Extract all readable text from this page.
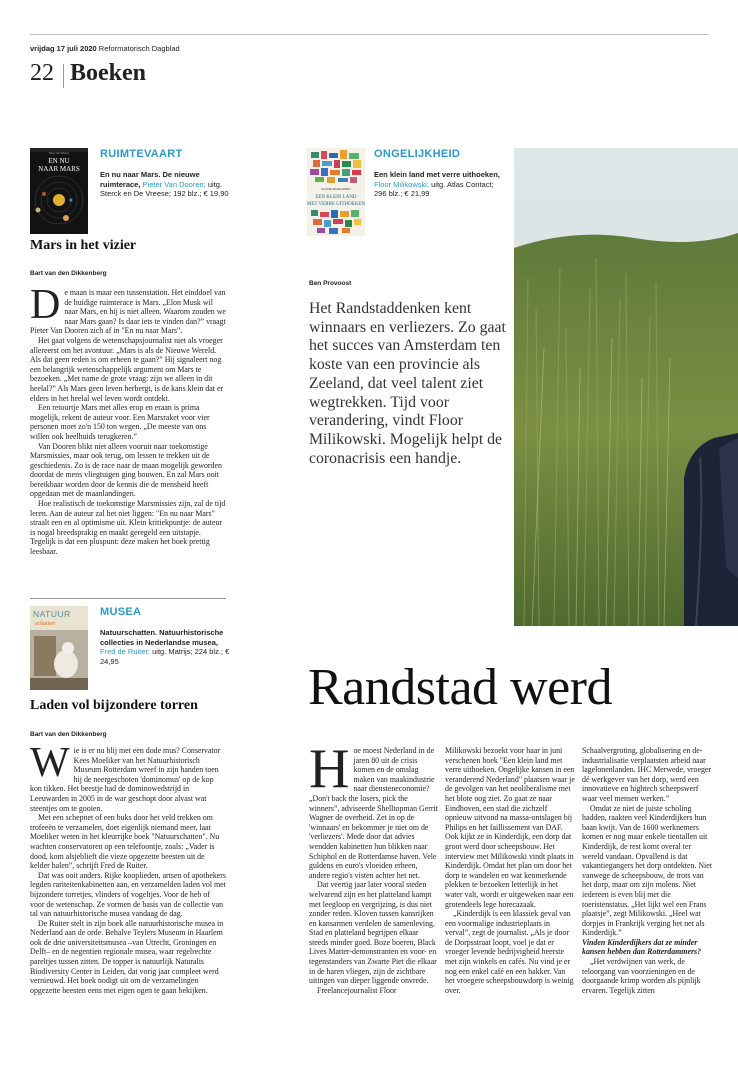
vrijdag 17 juli 2020 Reformatorisch Dagblad
22 Boeken
Pieter Van Dooren
EN NU
NAAR MARS
RUIMTEVAART
En nu naar Mars. De nieuwe ruimterace, Pieter Van Dooren; uitg. Sterck en De Vreese; 192 blz.; € 19,90
Mars in het vizier
Bart van den Dikkenberg

De maan is maar een tussenstation. Het einddoel van de huidige ruimterace is Mars. „Elon Musk wil naar Mars, en hij is niet alleen. Waarom zouden we naar Mars gaan? Is daar iets te vinden dan?” vraagt Pieter Van Dooren zich af in "En nu naar Mars".

Het gaat volgens de wetenschapsjournalist niet als vroeger allereerst om het avontuur. „Mars is als de Nieuwe Wereld. Als dat geen reden is om erheen te gaan?” Hij signaleert nog een belangrijk wetenschappelijk argument om Mars te bezoeken. „Met name de grote vraag: zijn we alleen in dit heelal?” Als Mars geen leven herbergt, is de kans klein dat er elders in het heelal wel leven wordt ontdekt.

Een retourtje Mars met alles erop en eraan is prima mogelijk, rekent de auteur voor. Een Marsraket voor vier personen moet zo'n 150 ton wegen. „De meeste van ons willen ook heelhuids terugkeren.”

Van Dooren blikt niet alleen vooruit naar toekomstige Marsmissies, maar ook terug, om lessen te trekken uit de geschiedenis. Zo is de race naar de maan mogelijk geworden doordat de mens vliegtuigen ging bouwen. En zal Mars ooit bereikbaar worden door de kennis die de mensheid heeft opgedaan met de maanlandingen.

Hoe realistisch de toekomstige Marsmissies zijn, zal de tijd leren. Aan de auteur zal het niet liggen: "En nu naar Mars" straalt een en al optimisme uit. Klein kritiekpuntje: de auteur is nogal breedsprakig en maakt geregeld een uitstapje. Tegelijk is dat een pluspunt: deze maken het boek prettig leesbaar.

NATUUR
schatten
MUSEA
Natuurschatten. Natuurhistorische collecties in Nederlandse musea, Fred de Ruiter; uitg. Matrijs; 224 blz.; € 24,95
Laden vol bijzondere torren
Bart van den Dikkenberg

Wie is er nu blij met een dode mus? Conservator Kees Moeliker van het Natuurhistorisch Museum Rotterdam wreef in zijn handen toen hij de neergeschoten 'dominomus' op de kop kon tikken. Het beestje had de dominowedstrijd in Leeuwarden in 2005 in de war geschopt door alvast wat steentjes om te gooien.

Met een schepnet of een buks door het veld trekken om trofeeën te verzamelen, doet eigenlijk niemand meer, laat Moeliker weten in het kleurrijke boek "Natuurschatten". Nu wachten conservatoren op een telefoontje, zoals: „Vader is dood, kom alsjeblieft die vieze opgezette beesten uit de kelder halen”, schrijft Fred de Ruiter.

Dat was ooit anders. Rijke kooplieden, artsen of apothekers legden rariteitenkabinetten aan, en verzamelden laden vol met bijzondere torretjes, vlinders of vogeltjes. Voor de heb of voor de wetenschap. Ze vormen de basis van de collectie van tal van natuurhistorische musea vandaag de dag.

De Ruiter stelt in zijn boek alle natuurhistorische musea in Nederland aan de orde. Behalve Teylers Museum in Haarlem ook de drie universiteitsmusea –van Utrecht, Groningen en Delft– en de negentien regionale musea, waar regelrechte pareltjes tussen zitten. De topper is natuurlijk Naturalis Biodiversity Center in Leiden, dat vorig jaar compleet werd vernieuwd. Het boek nodigt uit om de verzamelingen opgezette beesten eens met eigen ogen te gaan bekijken.

FLOOR MILIKOWSKI
EEN KLEIN LAND
MET VERRE UITHOEKEN
ONGELIJKHEID
Een klein land met verre uithoeken, Floor Milikowski; uitg. Atlas Contact; 296 blz.; € 21,99
Ben Provoost
Het Randstaddenken kent winnaars en verliezers. Zo gaat het succes van Amsterdam ten koste van een provincie als Zeeland, dat veel talent ziet wegtrekken. Tijd voor verandering, vindt Floor Milikowski. Mogelijk helpt de coronacrisis een handje.
Randstad werd

Hoe moest Nederland in de jaren 80 uit de crisis komen en de omslag maken van maakindustrie naar diensteneconomie? „Don't back the losers, pick the winners”, adviseerde Shelltopman Gerrit Wagner de overheid. Zet in op de 'winnaars' en bekommer je niet om de 'verliezers'. Mede door dat advies wendden kabinetten hun blikken naar Schiphol en de Rotterdamse haven. Vele guldens en euro's vloeiden erheen, andere regio's visten achter het net.

Dat veertig jaar later vooral steden welvarend zijn en het platteland kampt met leegloop en vergrijzing, is dus niet zonder reden. Kloven tussen kansrijken en kansarmen verdelen de samenleving. Stad en platteland begrijpen elkaar steeds minder goed. Boze boeren, Black Lives Matter-demonstranten en voor- en tegenstanders van Zwarte Piet die elkaar in de haren vliegen, zijn de zichtbare uitingen van dieper liggende onvrede.

Freelancejournalist Floor

Milikowski bezoekt voor haar in juni verschenen boek "Een klein land met verre uithoeken. Ongelijke kansen in een veranderend Nederland" plaatsen waar je de gevolgen van het neoliberalisme met het blote oog ziet. Zo gaat ze naar Eindhoven, een stad die zichzelf opnieuw uitvond na massa-ontslagen bij Philips en het faillissement van DAF. Ook kijkt ze in Kinderdijk, een dorp dat groot werd door scheepsbouw. Het interview met Milikowski vindt plaats in Kinderdijk. Omdat het plan om door het dorp te wandelen en wat kenmerkende plekken te bezoeken letterlijk in het water valt, wordt er uitgeweken naar een grotendeels lege horecazaak.

„Kinderdijk is een klassiek geval van een voormalige industrieplaats in verval”, zegt de journalist. „Als je door de Dorpsstraat loopt, voel je dat er vroeger levende bedrijvigheid heerste met zijn winkels en cafés. Nu vind je er nog een enkel café en een bakker. Van het vroegere scheepsbouwdorp is weinig over.

Schaalvergroting, globalisering en de-industrialisatie verplaatsten arbeid naar lagelonenlanden. IHC Merwede, vroeger dé werkgever van het dorp, werd een innovatieve en hightech scheepswerf waar veel mensen werken.”

Omdat ze niet de juiste scholing hadden, raakten veel Kinderdijkers hun baan kwijt. Van de 1600 werknemers komen er nog maar enkele tientallen uit Kinderdijk, de rest komt overal ter wereld vandaan. Opvallend is dat vakantiegangers het dorp ontdekten. Niet vanwege de scheepsbouw, de trots van het dorp, maar om zijn molens. Niet iedereen is even blij met die toeristenstatus. „Het lijkt wel een Frans plaatsje”, zegt Milikowski. „Heel wat dorpjes in Frankrijk verging het net als Kinderdijk.”

Vinden Kinderdijkers dat ze minder kansen hebben dan Rotterdammers?

„Het verdwijnen van werk, de teloorgang van voorzieningen en de doorgaande krimp worden als pijnlijk ervaren. Tegelijk zitten
